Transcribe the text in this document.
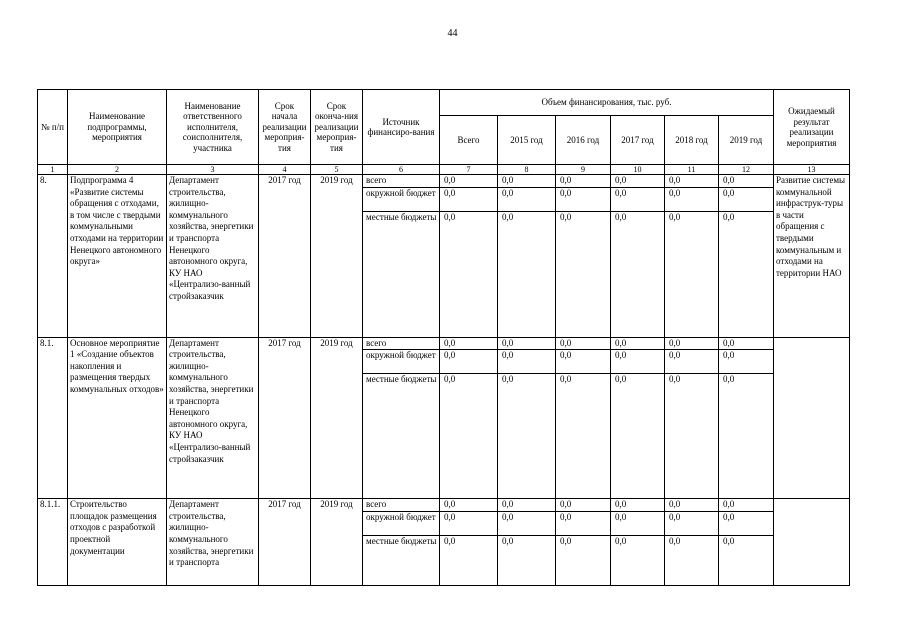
44
№ п/п	Наименование подпрограммы, мероприятия	Наименование ответственного исполнителя, соисполнителя, участника	Срок начала реализации мероприя-тия	Срок оконча-ния реализации мероприя-тия	Источник финансиро-вания	Объем финансирования, тыс. руб.						Ожидаемый результат реализации мероприятия
						Всего	2015 год	2016 год	2017 год	2018 год	2019 год	
1	2	3	4	5	6	7	8	9	10	11	12	13
8.	Подпрограмма 4 «Развитие системы обращения с отходами, в том числе с твердыми коммунальными отходами на территории Ненецкого автономного округа»	Департамент строительства, жилищно-коммунального хозяйства, энергетики и транспорта Ненецкого автономного округа, КУ НАО «Централизо-ванный стройзаказчик	2017 год	2019 год	всего	0,0	0,0	0,0	0,0	0,0	0,0	Развитие системы коммунальной инфраструк-туры в части обращения с твердыми коммунальным и отходами на территории НАО
					окружной бюджет	0,0	0,0	0,0	0,0	0,0	0,0	
					местные бюджеты	0,0	0,0	0,0	0,0	0,0	0,0	
8.1.	Основное мероприятие 1 «Создание объектов накопления и размещения твердых коммунальных отходов»	Департамент строительства, жилищно-коммунального хозяйства, энергетики и транспорта Ненецкого автономного округа, КУ НАО «Централизо-ванный стройзаказчик	2017 год	2019 год	всего	0,0	0,0	0,0	0,0	0,0	0,0	
					окружной бюджет	0,0	0,0	0,0	0,0	0,0	0,0	
					местные бюджеты	0,0	0,0	0,0	0,0	0,0	0,0	
8.1.1.	Строительство площадок размещения отходов с разработкой проектной документации	Департамент строительства, жилищно-коммунального хозяйства, энергетики и транспорта	2017 год	2019 год	всего	0,0	0,0	0,0	0,0	0,0	0,0	
					окружной бюджет	0,0	0,0	0,0	0,0	0,0	0,0	
					местные бюджеты	0,0	0,0	0,0	0,0	0,0	0,0	
